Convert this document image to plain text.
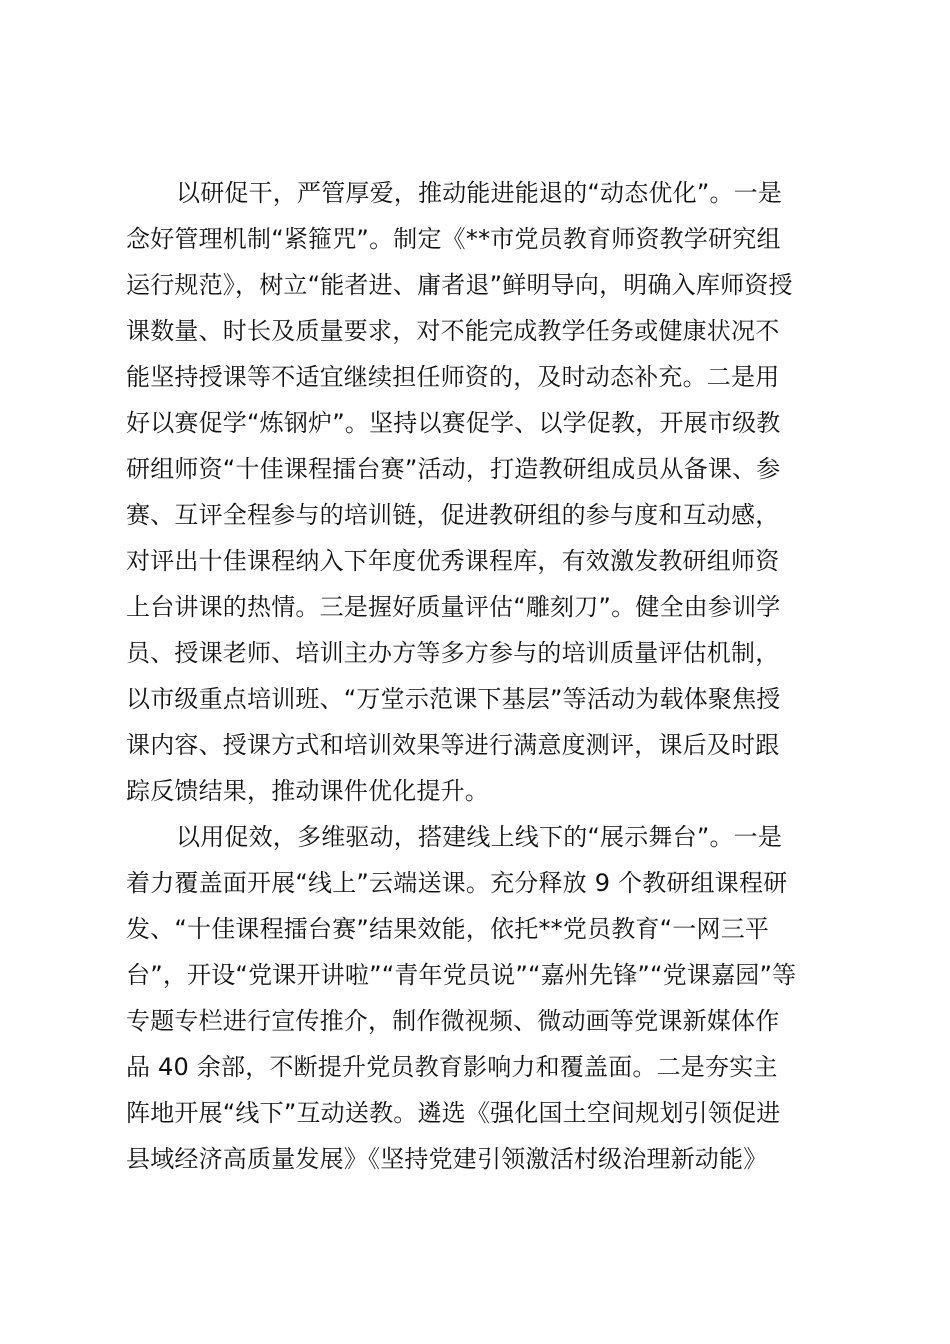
以研促干，严管厚爱，推动能进能退的“动态优化”。一是
念好管理机制“紧箍咒”。制定《**市党员教育师资教学研究组
运行规范》，树立“能者进、庸者退”鲜明导向，明确入库师资授
课数量、时长及质量要求，对不能完成教学任务或健康状况不
能坚持授课等不适宜继续担任师资的，及时动态补充。二是用
好以赛促学“炼钢炉”。坚持以赛促学、以学促教，开展市级教
研组师资“十佳课程擂台赛”活动，打造教研组成员从备课、参
赛、互评全程参与的培训链，促进教研组的参与度和互动感，
对评出十佳课程纳入下年度优秀课程库，有效激发教研组师资
上台讲课的热情。三是握好质量评估“雕刻刀”。健全由参训学
员、授课老师、培训主办方等多方参与的培训质量评估机制，
以市级重点培训班、“万堂示范课下基层”等活动为载体聚焦授
课内容、授课方式和培训效果等进行满意度测评，课后及时跟
踪反馈结果，推动课件优化提升。
以用促效，多维驱动，搭建线上线下的“展示舞台”。一是
着力覆盖面开展“线上”云端送课。充分释放 9 个教研组课程研
发、“十佳课程擂台赛”结果效能，依托**党员教育“一网三平
台”，开设“党课开讲啦”“青年党员说”“嘉州先锋”“党课嘉园”等
专题专栏进行宣传推介，制作微视频、微动画等党课新媒体作
品 40 余部，不断提升党员教育影响力和覆盖面。二是夯实主
阵地开展“线下”互动送教。遴选《强化国土空间规划引领促进
县域经济高质量发展》《坚持党建引领激活村级治理新动能》
